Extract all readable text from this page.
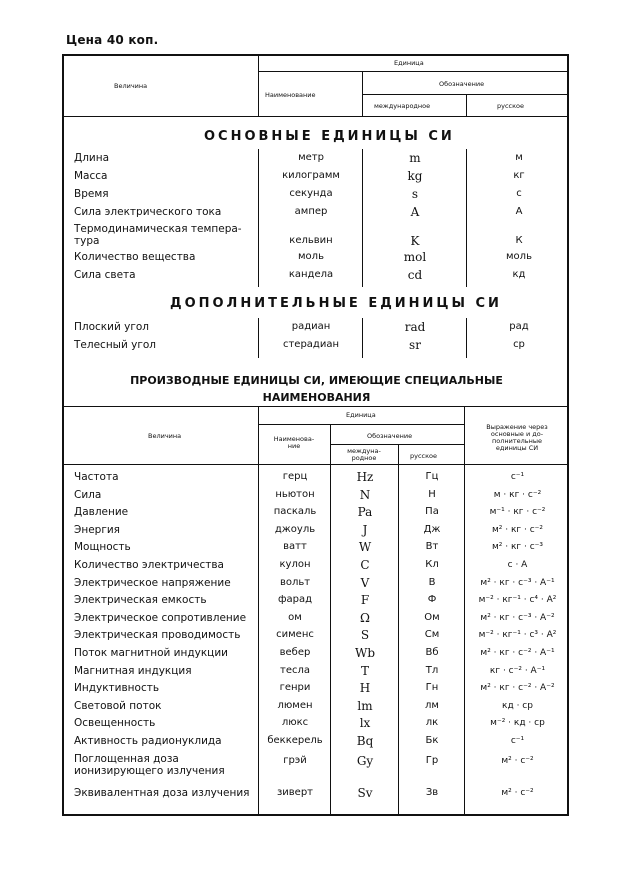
Цена 40 коп.
Величина
Единица
Наименование
Обозначение
международное	русское
ОСНОВНЫЕ ЕДИНИЦЫ СИ
Длина	метр	m	м
Масса	килограмм	kg	кг
Время	секунда	s	с
Сила электрического тока	ампер	A	А
Термодинамическая темпера-
тура	кельвин	K	К
Количество вещества	моль	mol	моль
Сила света	кандела	cd	кд
ДОПОЛНИТЕЛЬНЫЕ ЕДИНИЦЫ СИ
Плоский угол	радиан	rad	рад
Телесный угол	стерадиан	sr	ср
ПРОИЗВОДНЫЕ ЕДИНИЦЫ СИ, ИМЕЮЩИЕ СПЕЦИАЛЬНЫЕ
НАИМЕНОВАНИЯ
Величина
Единица
Наименова-
ние
Обозначение
междуна-
родное	русское
Выражение через
основные и до-
полнительные
единицы СИ
Частота	герц	Hz	Гц	с⁻¹
Сила	ньютон	N	Н	м · кг · с⁻²
Давление	паскаль	Pa	Па	м⁻¹ · кг · с⁻²
Энергия	джоуль	J	Дж	м² · кг · с⁻²
Мощность	ватт	W	Вт	м² · кг · с⁻³
Количество электричества	кулон	C	Кл	с · А
Электрическое напряжение	вольт	V	В	м² · кг · с⁻³ · А⁻¹
Электрическая емкость	фарад	F	Ф	м⁻² · кг⁻¹ · с⁴ · А²
Электрическое сопротивление	ом	Ω	Ом	м² · кг · с⁻³ · А⁻²
Электрическая проводимость	сименс	S	См	м⁻² · кг⁻¹ · с³ · А²
Поток магнитной индукции	вебер	Wb	Вб	м² · кг · с⁻² · А⁻¹
Магнитная индукция	тесла	T	Тл	кг · с⁻² · А⁻¹
Индуктивность	генри	H	Гн	м² · кг · с⁻² · А⁻²
Световой поток	люмен	lm	лм	кд · ср
Освещенность	люкс	lx	лк	м⁻² · кд · ср
Активность радионуклида	беккерель	Bq	Бк	с⁻¹
Поглощенная доза
ионизирующего излучения
грэй	Gy	Гр	м² · с⁻²
Эквивалентная доза излучения	зиверт	Sv	Зв	м² · с⁻²
